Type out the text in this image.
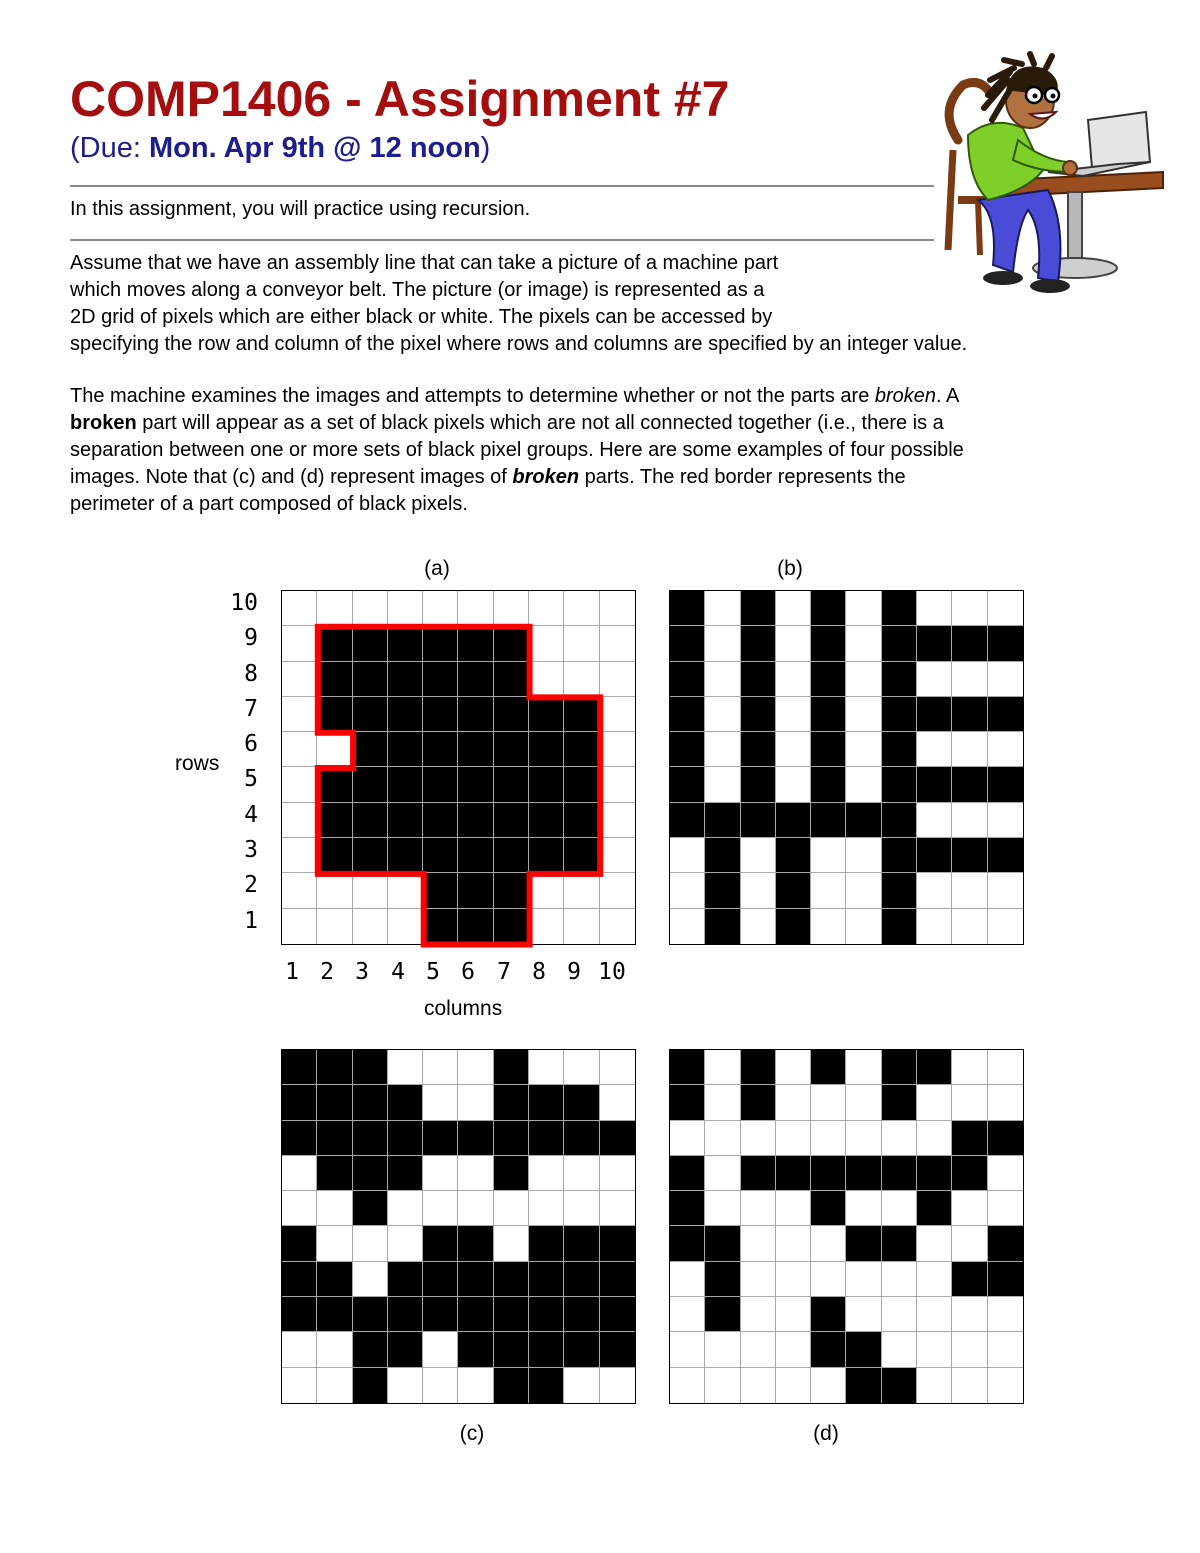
COMP1406 - Assignment #7
(Due: Mon. Apr 9th @ 12 noon)
In this assignment, you will practice using recursion.
Assume that we have an assembly line that can take a picture of a machine part
which moves along a conveyor belt. The picture (or image) is represented as a
2D grid of pixels which are either black or white. The pixels can be accessed by
specifying the row and column of the pixel where rows and columns are specified by an integer value.
The machine examines the images and attempts to determine whether or not the parts are broken. A
broken part will appear as a set of black pixels which are not all connected together (i.e., there is a
separation between one or more sets of black pixel groups. Here are some examples of four possible
images. Note that (c) and (d) represent images of broken parts. The red border represents the
perimeter of a part composed of black pixels.
(a)	(b)
(c)	(d)
10
9
8
7
6
5
4
3
2
1
rows
1 2 3 4 5 6 7 8 9 10
columns
